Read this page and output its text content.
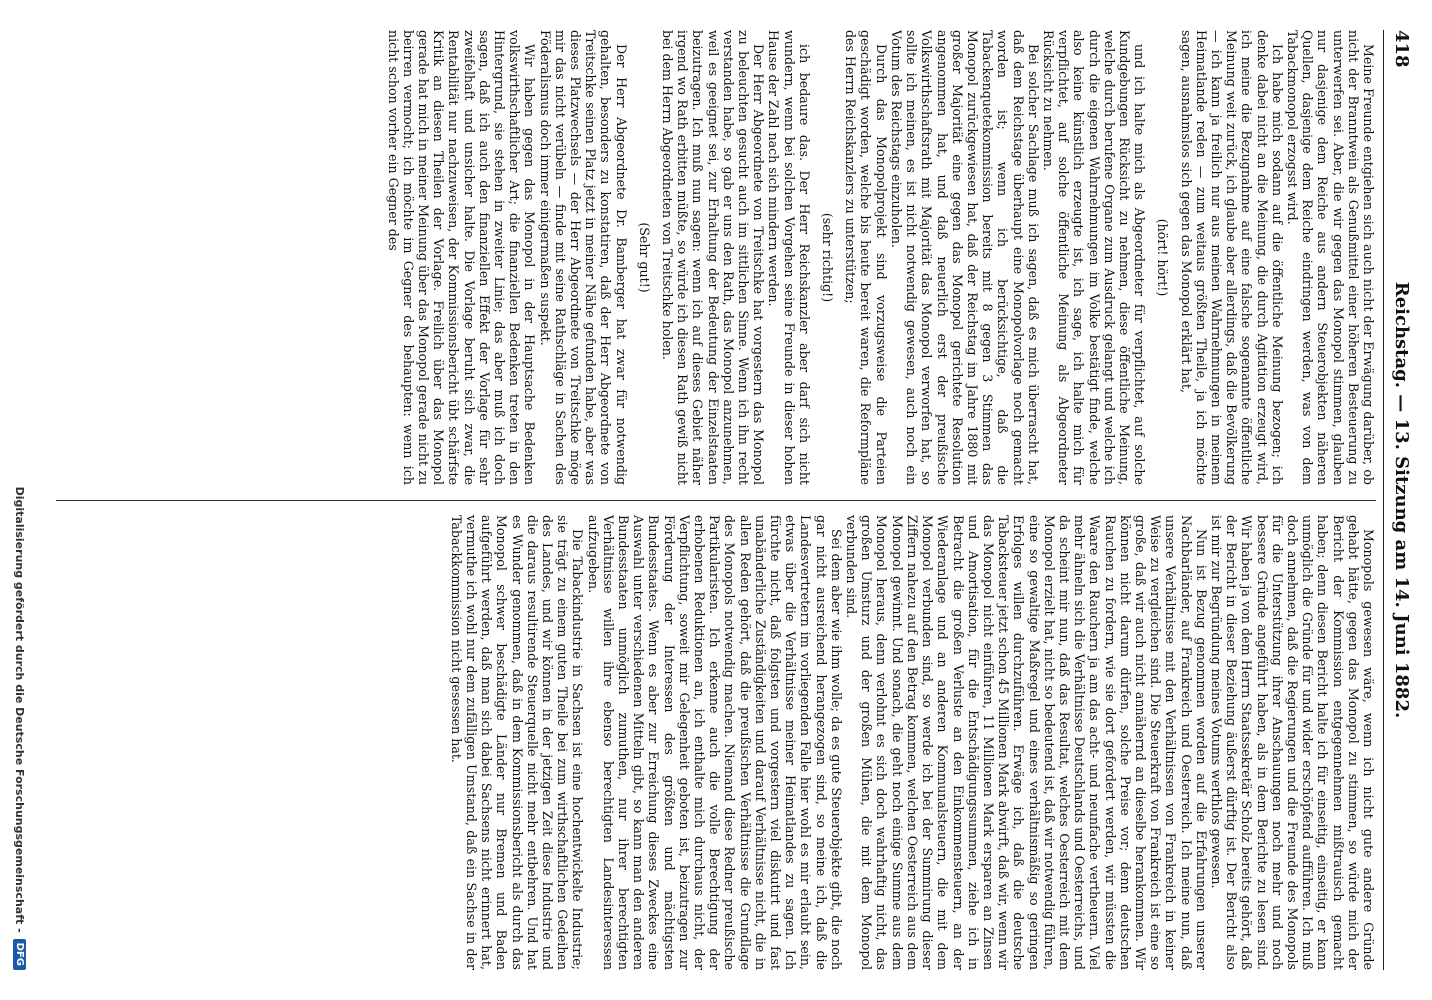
418
Reichstag. — 13. Sitzung am 14. Juni 1882.

Meine Freunde entgiehen sich auch nicht der Erwägung darüber, ob nicht der Branntwein als Genußmittel einer höheren Besteuerung zu unterwerfen sei. Aber, die wir gegen das Monopol stimmen, glauben nur dasjenige dem Reiche aus andern Steuerobjekten näheren Quellen, dasjenige dem Reiche eindringen werden, was von dem Tabackmonopol erzogsst wird.

Ich habe mich sodann auf die öffentliche Meinung bezogen; ich denke dabei nicht an die Meinung, die durch Agitation erzeugt wird, ich meine die Bezugnahme auf eine falsche sogenannte öffentliche Meinung weit zurück, ich glaube aber allerdings, daß die Bevölkerung — ich kann ja freilich nur aus meinen Wahrnehmungen in meinem Heimatlande reden — zum weitaus größten Theile, ja ich möchte sagen, ausnahmslos sich gegen das Monopol erklärt hat,

(hört! hört!)

und ich halte mich als Abgeordneter für verpflichtet, auf solche Kundgebungen Rücksicht zu nehmen, diese öffentliche Meinung, welche durch berufene Organe zum Ausdruck gelangt und welche ich durch die eigenen Wahrnehmungen im Volke bestätigt finde, welche also keine künstlich erzeugte ist, ich sage, ich halte mich für verpflichtet, auf solche öffentliche Meinung als Abgeordneter Rücksicht zu nehmen.

Bei solcher Sachlage muß ich sagen, daß es mich überrascht hat, daß dem Reichstage überhaupt eine Monopolvorlage noch gemacht worden ist; wenn ich berücksichtige, daß die Tabackenquetekommission bereits mit 8 gegen 3 Stimmen das Monopol zurückgewiesen hat, daß der Reichstag im Jahre 1880 mit großer Majorität eine gegen das Monopol gerichtete Resolution angenommen hat, und daß neuerlich erst der preußische Volkswirthschaftsrath mit Majorität das Monopol verworfen hat, so sollte ich meinen, es ist nicht notwendig gewesen, auch noch ein Votum des Reichstags einzuholen.

Durch das Monopolprojekt sind vorzugsweise die Parteien geschädigt worden, welche bis heute bereit waren, die Reformpläne des Herrn Reichskanzlers zu unterstützen;

(sehr richtig!)

ich bedaure das. Der Herr Reichskanzler aber darf sich nicht wundern, wenn bei solchen Vorgehen seine Freunde in dieser hohen Hause der Zahl nach sich mindern werden.

Der Herr Abgeordnete von Treitschke hat vorgestern das Monopol zu beleuchten gesucht auch im sittlichen Sinne. Wenn ich ihn recht verstanden habe, so gab er uns den Rath, das Monopol anzunehmen, weil es geeignet sei, zur Erhaltung der Bedeutung der Einzelstaaten beizutragen. Ich muß nun sagen: wenn ich auf dieses Gebiet näher irgend wo Rath erbitten müßte, so würde ich diesen Rath gewiß nicht bei dem Herrn Abgeordneten von Treitschke holen.

(Sehr gut!)

Der Herr Abgeordnete Dr. Bamberger hat zwar für notwendig gehalten, besonders zu konstatiren, daß der Herr Abgeordnete von Treitschke seinen Platz jetzt in meiner Nähe gefunden habe, aber was dieses Platzwechsels — der Herr Abgeordnete von Treitschke möge mir das nicht verübeln — finde mit seine Rathschläge in Sachen des Föderalismus doch immer einigermaßen suspekt.

Wir haben gegen das Monopol in der Hauptsache Bedenken volkswirthschaftlicher Art; die finanziellen Bedenken treten in den Hintergrund, sie stehen in zweiter Linie; das aber muß ich doch sagen, daß ich auch den finanziellen Effekt der Vorlage für sehr zweifelhaft und unsicher halte. Die Vorlage beruht sich zwar, die Rentabilität nur nachzuweisen, der Kommissionsbericht übt schärfste Kritik an diesen Theilen der Vorlage. Freilich über das Monopol gerade hat mich in meiner Meinung über das Monopol gerade nicht zu beirren vermocht; ich möchte im Gegner des behaupten: wenn ich nicht schon vorher ein Gegner des

Monopols gewesen wäre, wenn ich nicht gute andere Gründe gehabt hätte, gegen das Monopol zu stimmen, so würde mich der Bericht der Kommission entgegennehmen mißtrauisch gemacht haben; denn diesen Bericht halte ich für einseitig, einseitig, er kann unmöglich die Gründe für und wider erschöpfend aufführen. Ich muß doch annehmen, daß die Regierungen und die Freunde des Monopols für die Unterstützung ihrer Anschauungen noch mehr und noch bessere Gründe angeführt haben, als in dem Berichte zu lesen sind. Wir haben ja von dem Herrn Staatssekretär Scholz bereits gehört, daß der Bericht in dieser Beziehung äußerst dürftig ist. Der Bericht also ist mir zur Begründung meines Votums werthlos gewesen.

Nun ist Bezug genommen worden auf die Erfahrungen unserer Nachbarländer, auf Frankreich und Oesterreich. Ich meine nun, daß unsere Verhältnisse mit den Verhältnissen von Frankreich in keiner Weise zu vergleichen sind. Die Steuerkraft von Frankreich ist eine so große, daß wir auch nicht annähernd an dieselbe herankommen. Wir können nicht darum dürfen, solche Preise vor; denn deutschen Rauchen zu fordern, wie sie dort gefordert werden, wir müssten die Waare den Rauchern ja am das acht- und neunfache vertheuern. Viel mehr ähneln sich die Verhältnisse Deutschlands und Oesterreichs, und da scheint mir nun, daß das Resultat, welches Oesterreich mit dem Monopol erzielt hat, nicht so bedeutend ist, daß wir notwendig führen, eine so gewaltige Maßregel und eines verhältnismäßig so geringen Erfolges willen durchzuführen. Erwäge ich, daß die deutsche Tabacksteuer jetzt schon 45 Millionen Mark abwirft, daß wir, wenn wir das Monopol nicht einführen, 11 Millionen Mark ersparen an Zinsen und Amortisation, für die Entschädigungssummen, ziehe ich in Betracht die großen Verluste an den Einkommensteuern, an der Wiederanlage und an anderen Kommunalsteuern, die mit dem Monopol verbunden sind, so werde ich bei der Summirung dieser Ziffern nahezu auf den Betrag kommen, welchen Oesterreich aus dem Monopol gewinnt. Und sonach, die geht noch einige Summe aus dem Monopol heraus, denn verlohnt es sich doch wahrhaftig nicht, das großen Umsturz und der großen Mühen, die mit dem Monopol verbunden sind.

Sei dem aber wie ihm wolle; da es gute Steuerobjekte gibt, die noch gar nicht ausreichend herangezogen sind, so meine ich, daß die Landesvertretern im vorliegenden Falle hier wohl es mir erlaubt sein, etwas über die Verhältnisse meiner Heimatlandes zu sagen. Ich fürchte nicht, daß folgsten und vorgestern viel diskutirt und fast unabänderliche Zuständigkeiten und darauf Verhältnisse nicht, die in allen Reden gehört, daß die preußischen Verhältnisse die Grundlage des Monopols notwendig machen. Niemand diese Redner preußische Partikularisten. Ich erkenne auch die volle Berechtigung der erhobenen Reduktionen an, ich enthalte mich durchaus nicht, der Verpflichtung, soweit mir Gelegenheit geboten ist, beizutragen zur Förderung der Interessen des größten und mächtigsten Bundesstaates. Wenn es aber zur Erreichung dieses Zweckes eine Auswahl unter verschiedenen Mitteln gibt, so kann man den anderen Bundesstaaten unmöglich zumuthen, nur ihrer berechtigten Verhältnisse willen ihre ebenso berechtigten Landesinteressen aufzugeben.

Die Tabackindustrie in Sachsen ist eine hochentwickelte Industrie; sie trägt zu einem guten Theile bei zum wirthschaftlichen Gedeihen des Landes, und wir können in der jetzigen Zeit diese Industrie und die daraus resultirende Steuerquelle nicht mehr entbehren. Und hat es Wunder genommen, daß in dem Kommissionsbericht als durch das Monopol schwer beschädigte Länder nur Bremen und Baden aufgeführt werden, daß man sich dabei Sachsens nicht erinnert hat, vermuthe ich wohl nur dem zufälligen Umstand, daß ein Sachse in der Tabackkommission nicht gesessen hat.

Digitalisierung gefördert durch die Deutsche Forschungsgemeinschaft -
DFG
